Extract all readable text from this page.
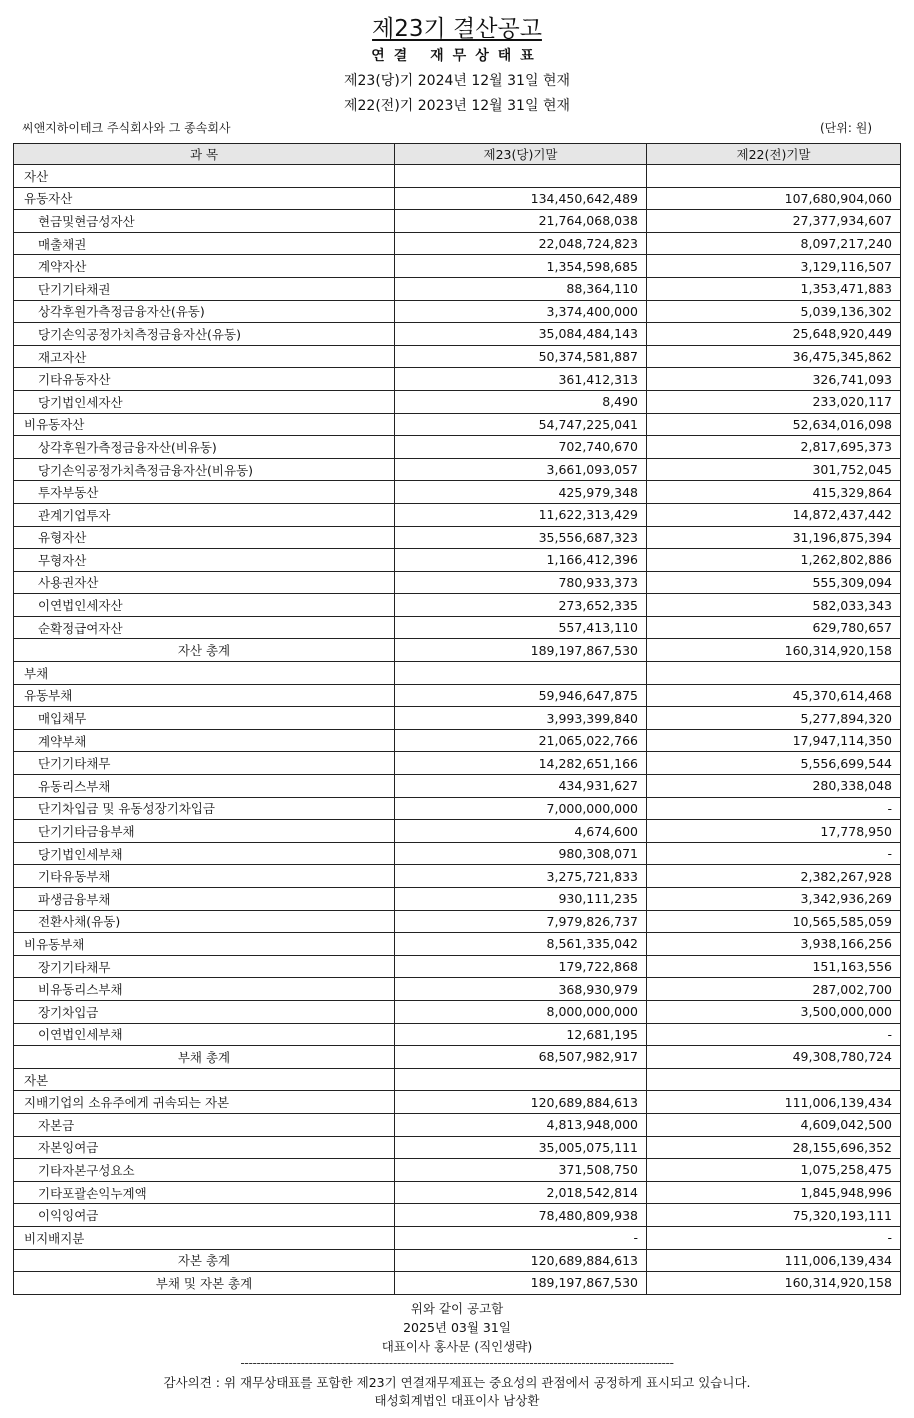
제23기 결산공고
연결 재무상태표
제23(당)기 2024년 12월 31일 현재
제22(전)기 2023년 12월 31일 현재
씨앤지하이테크 주식회사와 그 종속회사	(단위: 원)
과 목	제23(당)기말	제22(전)기말
자산		
유동자산	134,450,642,489	107,680,904,060
현금및현금성자산	21,764,068,038	27,377,934,607
매출채권	22,048,724,823	8,097,217,240
계약자산	1,354,598,685	3,129,116,507
단기기타채권	88,364,110	1,353,471,883
상각후원가측정금융자산(유동)	3,374,400,000	5,039,136,302
당기손익공정가치측정금융자산(유동)	35,084,484,143	25,648,920,449
재고자산	50,374,581,887	36,475,345,862
기타유동자산	361,412,313	326,741,093
당기법인세자산	8,490	233,020,117
비유동자산	54,747,225,041	52,634,016,098
상각후원가측정금융자산(비유동)	702,740,670	2,817,695,373
당기손익공정가치측정금융자산(비유동)	3,661,093,057	301,752,045
투자부동산	425,979,348	415,329,864
관계기업투자	11,622,313,429	14,872,437,442
유형자산	35,556,687,323	31,196,875,394
무형자산	1,166,412,396	1,262,802,886
사용권자산	780,933,373	555,309,094
이연법인세자산	273,652,335	582,033,343
순확정급여자산	557,413,110	629,780,657
자산 총계	189,197,867,530	160,314,920,158
부채		
유동부채	59,946,647,875	45,370,614,468
매입채무	3,993,399,840	5,277,894,320
계약부채	21,065,022,766	17,947,114,350
단기기타채무	14,282,651,166	5,556,699,544
유동리스부채	434,931,627	280,338,048
단기차입금 및 유동성장기차입금	7,000,000,000	-
단기기타금융부채	4,674,600	17,778,950
당기법인세부채	980,308,071	-
기타유동부채	3,275,721,833	2,382,267,928
파생금융부채	930,111,235	3,342,936,269
전환사채(유동)	7,979,826,737	10,565,585,059
비유동부채	8,561,335,042	3,938,166,256
장기기타채무	179,722,868	151,163,556
비유동리스부채	368,930,979	287,002,700
장기차입금	8,000,000,000	3,500,000,000
이연법인세부채	12,681,195	-
부채 총계	68,507,982,917	49,308,780,724
자본		
지배기업의 소유주에게 귀속되는 자본	120,689,884,613	111,006,139,434
자본금	4,813,948,000	4,609,042,500
자본잉여금	35,005,075,111	28,155,696,352
기타자본구성요소	371,508,750	1,075,258,475
기타포괄손익누계액	2,018,542,814	1,845,948,996
이익잉여금	78,480,809,938	75,320,193,111
비지배지분	-	-
자본 총계	120,689,884,613	111,006,139,434
부채 및 자본 총계	189,197,867,530	160,314,920,158
위와 같이 공고함
2025년 03월 31일
대표이사 홍사문 (직인생략)
------------------------------------------------------------------------------------------------------------
감사의견 : 위 재무상태표를 포함한 제23기 연결재무제표는 중요성의 관점에서 공정하게 표시되고 있습니다.
태성회계법인 대표이사 남상환
